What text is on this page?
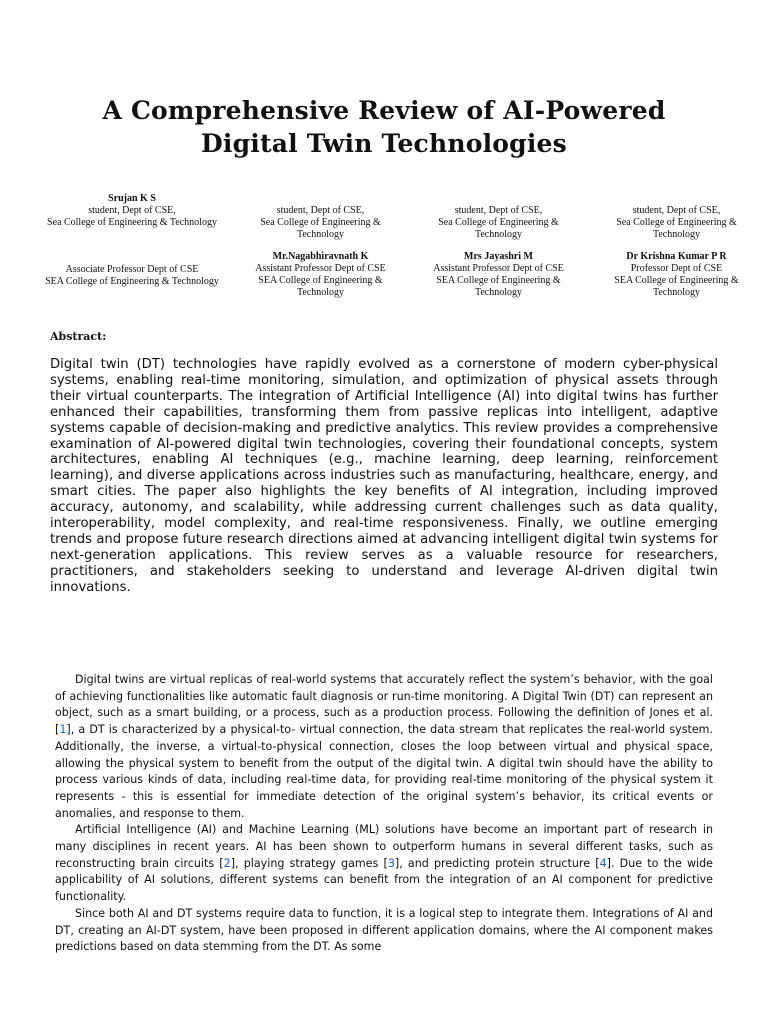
A Comprehensive Review of AI-Powered
Digital Twin Technologies
Srujan K S
student, Dept of CSE,
Sea College of Engineering & Technology
student, Dept of CSE,
Sea College of Engineering &
Technology
student, Dept of CSE,
Sea College of Engineering &
Technology
student, Dept of CSE,
Sea College of Engineering &
Technology
Associate Professor Dept of CSE
SEA College of Engineering & Technology
Mr.Nagabhiravnath K
Assistant Professor Dept of CSE
SEA College of Engineering &
Technology
Mrs Jayashri M
Assistant Professor Dept of CSE
SEA College of Engineering &
Technology
Dr Krishna Kumar P R
Professor Dept of CSE
SEA College of Engineering &
Technology
Abstract:

Digital twin (DT) technologies have rapidly evolved as a cornerstone of modern cyber-physical systems, enabling real-time monitoring, simulation, and optimization of physical assets through their virtual counterparts. The integration of Artificial Intelligence (AI) into digital twins has further enhanced their capabilities, transforming them from passive replicas into intelligent, adaptive systems capable of decision-making and predictive analytics. This review provides a comprehensive examination of AI-powered digital twin technologies, covering their foundational concepts, system architectures, enabling AI techniques (e.g., machine learning, deep learning, reinforcement learning), and diverse applications across industries such as manufacturing, healthcare, energy, and smart cities. The paper also highlights the key benefits of AI integration, including improved accuracy, autonomy, and scalability, while addressing current challenges such as data quality, interoperability, model complexity, and real-time responsiveness. Finally, we outline emerging trends and propose future research directions aimed at advancing intelligent digital twin systems for next-generation applications. This review serves as a valuable resource for researchers, practitioners, and stakeholders seeking to understand and leverage AI-driven digital twin innovations.

Digital twins are virtual replicas of real-world systems that accurately reflect the system’s behavior, with the goal of achieving functionalities like automatic fault diagnosis or run-time monitoring. A Digital Twin (DT) can represent an object, such as a smart building, or a process, such as a production process. Following the definition of Jones et al. [1], a DT is characterized by a physical-to- virtual connection, the data stream that replicates the real-world system. Additionally, the inverse, a virtual-to-physical connection, closes the loop between virtual and physical space, allowing the physical system to benefit from the output of the digital twin. A digital twin should have the ability to process various kinds of data, including real-time data, for providing real-time monitoring of the physical system it represents - this is essential for immediate detection of the original system’s behavior, its critical events or anomalies, and response to them.

Artificial Intelligence (AI) and Machine Learning (ML) solutions have become an important part of research in many disciplines in recent years. AI has been shown to outperform humans in several different tasks, such as reconstructing brain circuits [2], playing strategy games [3], and predicting protein structure [4]. Due to the wide applicability of AI solutions, different systems can benefit from the integration of an AI component for predictive functionality.

Since both AI and DT systems require data to function, it is a logical step to integrate them. Integrations of AI and DT, creating an AI-DT system, have been proposed in different application domains, where the AI component makes predictions based on data stemming from the DT. As some
